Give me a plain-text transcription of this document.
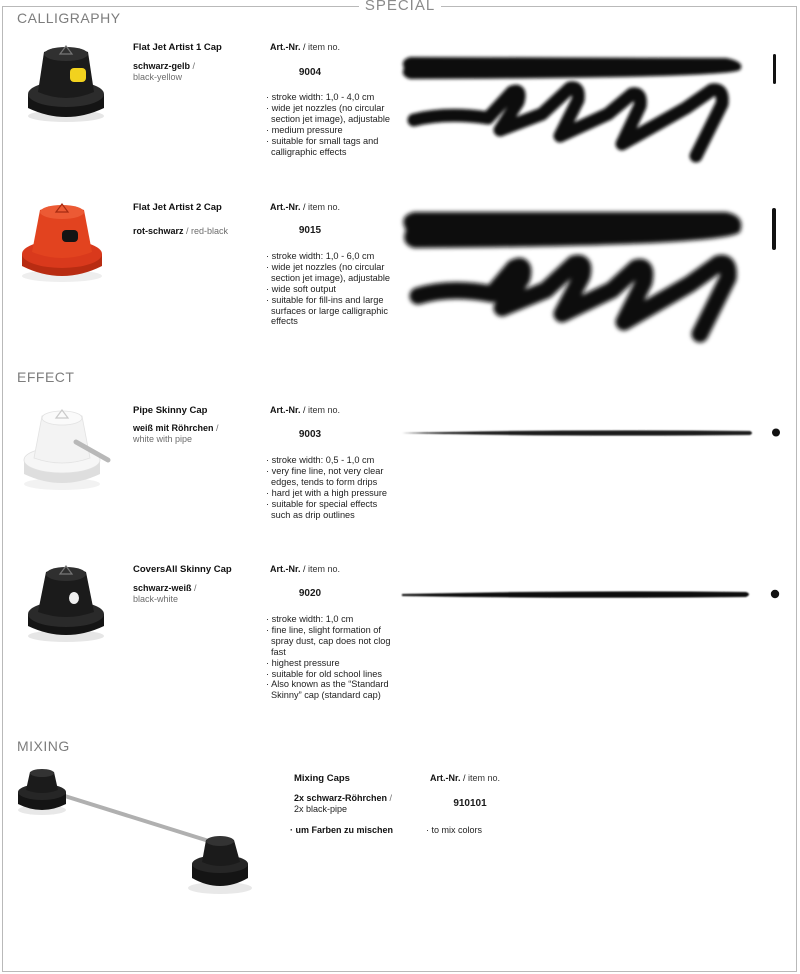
SPECIAL
CALLIGRAPHY
EFFECT
MIXING
Flat Jet Artist 1 Cap
schwarz-gelb /
black-yellow
Art.-Nr. / item no.
9004
· stroke width: 1,0 - 4,0 cm
· wide jet nozzles (no circular section jet image), adjustable
· medium pressure
· suitable for small tags and calligraphic effects
Flat Jet Artist 2 Cap
rot-schwarz / red-black
Art.-Nr. / item no.
9015
· stroke width: 1,0 - 6,0 cm
· wide jet nozzles (no circular section jet image), adjustable
· wide soft output
· suitable for fill-ins and large surfaces or large calligraphic effects
Pipe Skinny Cap
weiß mit Röhrchen /
white with pipe
Art.-Nr. / item no.
9003
· stroke width: 0,5 - 1,0 cm
· very fine line, not very clear edges, tends to form drips
· hard jet with a high pressure
· suitable for special effects such as drip outlines
CoversAll Skinny Cap
schwarz-weiß /
black-white
Art.-Nr. / item no.
9020
· stroke width: 1,0 cm
· fine line, slight formation of spray dust, cap does not clog fast
· highest pressure
· suitable for old school lines
· Also known as the “Standard Skinny” cap (standard cap)
Mixing Caps
2x schwarz-Röhrchen /
2x black-pipe
· um Farben zu mischen
Art.-Nr. / item no.
910101
· to mix colors
